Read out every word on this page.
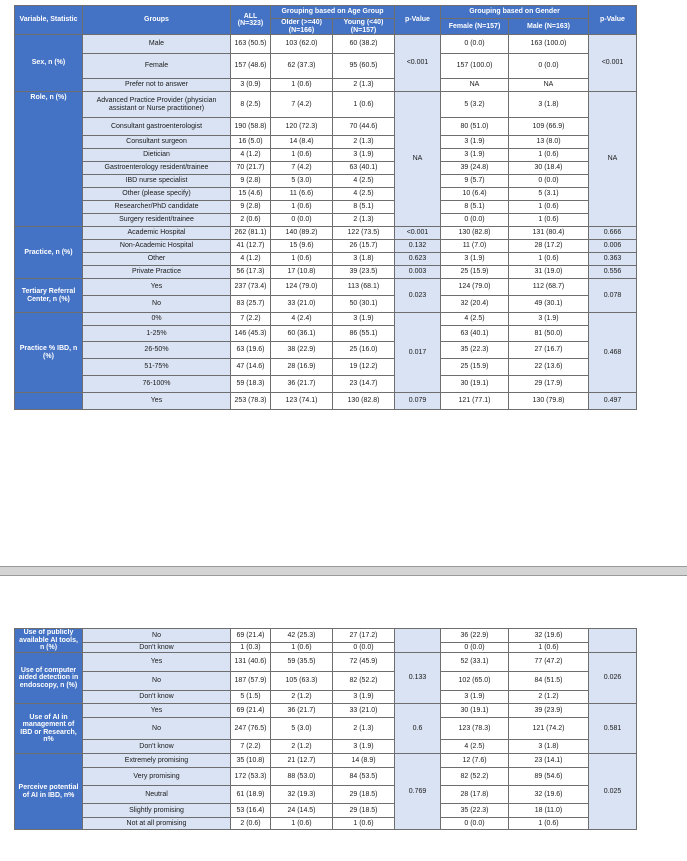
Variable, Statistic	Groups	ALL (N=323)	Grouping based on Age Group		p-Value	Grouping based on Gender		p-Value
			Older (>=40) (N=166)	Young (<40) (N=157)		Female (N=157)	Male (N=163)	
Sex, n (%)	Male	163 (50.5)	103 (62.0)	60 (38.2)	<0.001	0 (0.0)	163 (100.0)	<0.001
	Female	157 (48.6)	62 (37.3)	95 (60.5)		157 (100.0)	0 (0.0)	
	Prefer not to answer	3 (0.9)	1 (0.6)	2 (1.3)		NA	NA	
Role, n (%)	Advanced Practice Provider (physician assistant or Nurse practitioner)	8 (2.5)	7 (4.2)	1 (0.6)	NA	5 (3.2)	3 (1.8)	NA
	Consultant gastroenterologist	190 (58.8)	120 (72.3)	70 (44.6)		80 (51.0)	109 (66.9)	
	Consultant surgeon	16 (5.0)	14 (8.4)	2 (1.3)		3 (1.9)	13 (8.0)	
	Dietician	4 (1.2)	1 (0.6)	3 (1.9)		3 (1.9)	1 (0.6)	
	Gastroenterology resident/trainee	70 (21.7)	7 (4.2)	63 (40.1)		39 (24.8)	30 (18.4)	
	IBD nurse specialist	9 (2.8)	5 (3.0)	4 (2.5)		9 (5.7)	0 (0.0)	
	Other (please specify)	15 (4.6)	11 (6.6)	4 (2.5)		10 (6.4)	5 (3.1)	
	Researcher/PhD candidate	9 (2.8)	1 (0.6)	8 (5.1)		8 (5.1)	1 (0.6)	
	Surgery resident/trainee	2 (0.6)	0 (0.0)	2 (1.3)		0 (0.0)	1 (0.6)	
Practice, n (%)	Academic Hospital	262 (81.1)	140 (89.2)	122 (73.5)	<0.001	130 (82.8)	131 (80.4)	0.666
	Non-Academic Hospital	41 (12.7)	15 (9.6)	26 (15.7)	0.132	11 (7.0)	28 (17.2)	0.006
	Other	4 (1.2)	1 (0.6)	3 (1.8)	0.623	3 (1.9)	1 (0.6)	0.363
	Private Practice	56 (17.3)	17 (10.8)	39 (23.5)	0.003	25 (15.9)	31 (19.0)	0.556
Tertiary Referral Center, n (%)	Yes	237 (73.4)	124 (79.0)	113 (68.1)	0.023	124 (79.0)	112 (68.7)	0.078
	No	83 (25.7)	33 (21.0)	50 (30.1)		32 (20.4)	49 (30.1)	
Practice % IBD, n (%)	0%	7 (2.2)	4 (2.4)	3 (1.9)	0.017	4 (2.5)	3 (1.9)	0.468
	1-25%	146 (45.3)	60 (36.1)	86 (55.1)		63 (40.1)	81 (50.0)	
	26-50%	63 (19.6)	38 (22.9)	25 (16.0)		35 (22.3)	27 (16.7)	
	51-75%	47 (14.6)	28 (16.9)	19 (12.2)		25 (15.9)	22 (13.6)	
	76-100%	59 (18.3)	36 (21.7)	23 (14.7)		30 (19.1)	29 (17.9)	
	Yes	253 (78.3)	123 (74.1)	130 (82.8)	0.079	121 (77.1)	130 (79.8)	0.497
Use of publicly available AI tools, n (%)	No	69 (21.4)	42 (25.3)	27 (17.2)		36 (22.9)	32 (19.6)	
	Don't know	1 (0.3)	1 (0.6)	0 (0.0)		0 (0.0)	1 (0.6)	
Use of computer aided detection in endoscopy, n (%)	Yes	131 (40.6)	59 (35.5)	72 (45.9)	0.133	52 (33.1)	77 (47.2)	0.026
	No	187 (57.9)	105 (63.3)	82 (52.2)		102 (65.0)	84 (51.5)	
	Don't know	5 (1.5)	2 (1.2)	3 (1.9)		3 (1.9)	2 (1.2)	
Use of AI in management of IBD or Research, n%	Yes	69 (21.4)	36 (21.7)	33 (21.0)	0.6	30 (19.1)	39 (23.9)	0.581
	No	247 (76.5)	5 (3.0)	2 (1.3)		123 (78.3)	121 (74.2)	
	Don't know	7 (2.2)	2 (1.2)	3 (1.9)		4 (2.5)	3 (1.8)	
Perceive potential of AI in IBD, n%	Extremely promising	35 (10.8)	21 (12.7)	14 (8.9)	0.769	12 (7.6)	23 (14.1)	0.025
	Very promising	172 (53.3)	88 (53.0)	84 (53.5)		82 (52.2)	89 (54.6)	
	Neutral	61 (18.9)	32 (19.3)	29 (18.5)		28 (17.8)	32 (19.6)	
	Slightly promising	53 (16.4)	24 (14.5)	29 (18.5)		35 (22.3)	18 (11.0)	
	Not at all promising	2 (0.6)	1 (0.6)	1 (0.6)		0 (0.0)	1 (0.6)	
